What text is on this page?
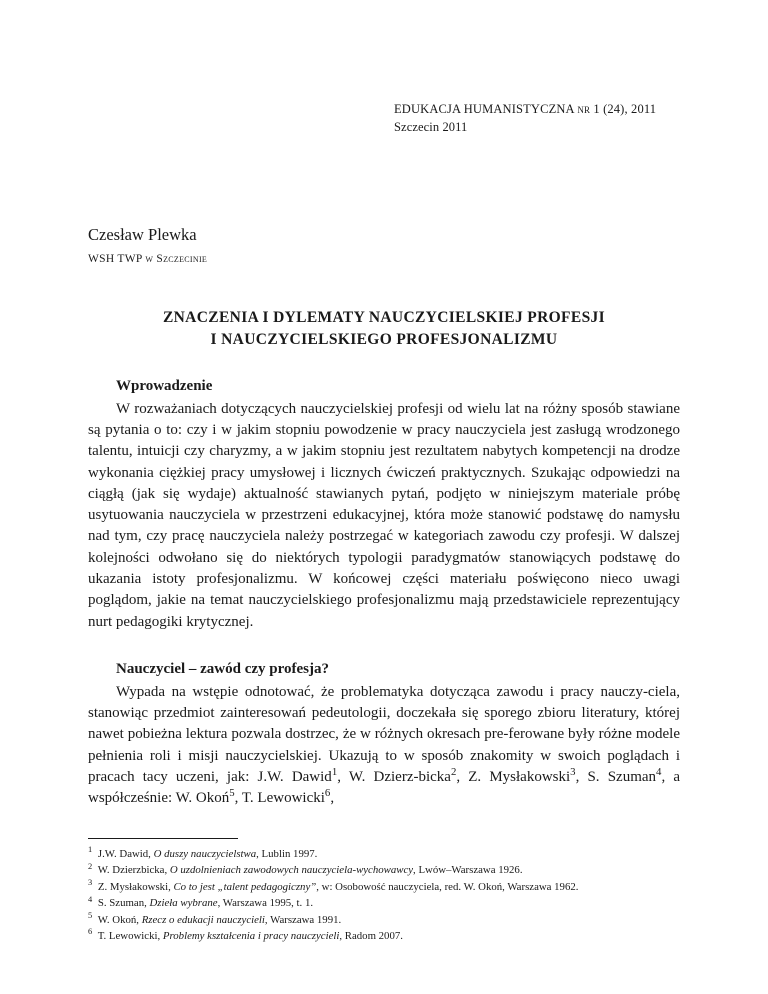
EDUKACJA HUMANISTYCZNA nr 1 (24), 2011
Szczecin 2011
Czesław Plewka
WSH TWP w Szczecinie
ZNACZENIA I DYLEMATY NAUCZYCIELSKIEJ PROFESJI
I NAUCZYCIELSKIEGO PROFESJONALIZMU
Wprowadzenie

W rozważaniach dotyczących nauczycielskiej profesji od wielu lat na różny sposób stawiane są pytania o to: czy i w jakim stopniu powodzenie w pracy nauczyciela jest zasługą wrodzonego talentu, intuicji czy charyzmy, a w jakim stopniu jest rezultatem nabytych kompetencji na drodze wykonania ciężkiej pracy umysłowej i licznych ćwiczeń praktycznych. Szukając odpowiedzi na ciągłą (jak się wydaje) aktualność stawianych pytań, podjęto w niniejszym materiale próbę usytuowania nauczyciela w przestrzeni edukacyjnej, która może stanowić podstawę do namysłu nad tym, czy pracę nauczyciela należy postrzegać w kategoriach zawodu czy profesji. W dalszej kolejności odwołano się do niektórych typologii paradygmatów stanowiących podstawę do ukazania istoty profesjonalizmu. W końcowej części materiału poświęcono nieco uwagi poglądom, jakie na temat nauczycielskiego profesjonalizmu mają przedstawiciele reprezentujący nurt pedagogiki krytycznej.

Nauczyciel – zawód czy profesja?

Wypada na wstępie odnotować, że problematyka dotycząca zawodu i pracy nauczy-ciela, stanowiąc przedmiot zainteresowań pedeutologii, doczekała się sporego zbioru literatury, której nawet pobieżna lektura pozwala dostrzec, że w różnych okresach pre-ferowane były różne modele pełnienia roli i misji nauczycielskiej. Ukazują to w sposób znakomity w swoich poglądach i pracach tacy uczeni, jak: J.W. Dawid$^1$, W. Dzierz-bicka$^2$, Z. Mysłakowski$^3$, S. Szuman$^4$, a współcześnie: W. Okoń$^5$, T. Lewowicki$^6$,

$^1$ J.W. Dawid, O duszy nauczycielstwa, Lublin 1997.

$^2$ W. Dzierzbicka, O uzdolnieniach zawodowych nauczyciela-wychowawcy, Lwów–Warszawa 1926.

$^3$ Z. Mysłakowski, Co to jest „talent pedagogiczny”, w: Osobowość nauczyciela, red. W. Okoń, Warszawa 1962.

$^4$ S. Szuman, Dzieła wybrane, Warszawa 1995, t. 1.

$^5$ W. Okoń, Rzecz o edukacji nauczycieli, Warszawa 1991.

$^6$ T. Lewowicki, Problemy kształcenia i pracy nauczycieli, Radom 2007.
